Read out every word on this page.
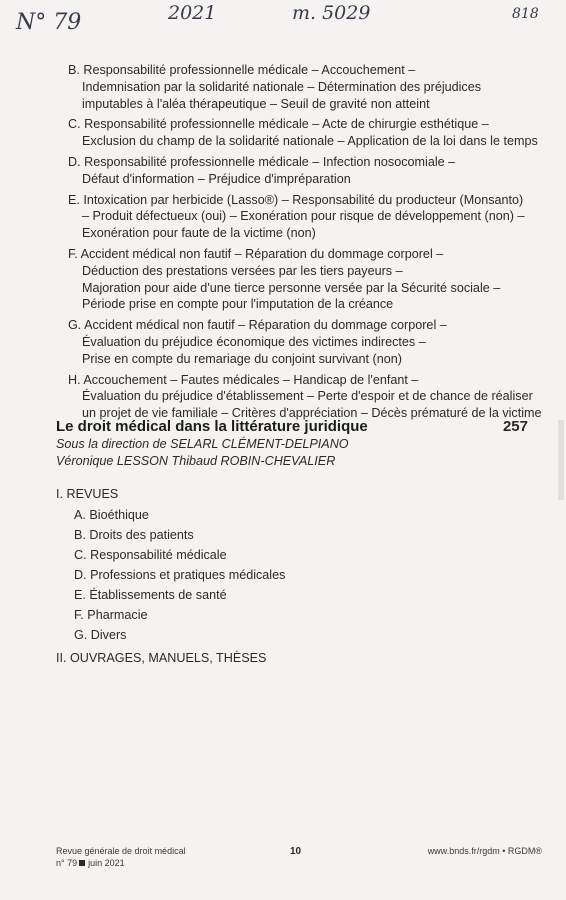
N° 79	2021	m. 5029	818
B. Responsabilité professionnelle médicale – Accouchement –
Indemnisation par la solidarité nationale – Détermination des préjudices
imputables à l'aléa thérapeutique – Seuil de gravité non atteint
C. Responsabilité professionnelle médicale – Acte de chirurgie esthétique –
Exclusion du champ de la solidarité nationale – Application de la loi dans le temps
D. Responsabilité professionnelle médicale – Infection nosocomiale –
Défaut d'information – Préjudice d'impréparation
E. Intoxication par herbicide (Lasso®) – Responsabilité du producteur (Monsanto)
– Produit défectueux (oui) – Exonération pour risque de développement (non) –
Exonération pour faute de la victime (non)
F. Accident médical non fautif – Réparation du dommage corporel –
Déduction des prestations versées par les tiers payeurs –
Majoration pour aide d'une tierce personne versée par la Sécurité sociale –
Période prise en compte pour l'imputation de la créance
G. Accident médical non fautif – Réparation du dommage corporel –
Évaluation du préjudice économique des victimes indirectes –
Prise en compte du remariage du conjoint survivant (non)
H. Accouchement – Fautes médicales – Handicap de l'enfant –
Évaluation du préjudice d'établissement – Perte d'espoir et de chance de réaliser
un projet de vie familiale – Critères d'appréciation – Décès prématuré de la victime
Le droit médical dans la littérature juridique	257
Sous la direction de SELARL CLÉMENT-DELPIANO
Véronique LESSON Thibaud ROBIN-CHEVALIER
I. REVUES
A. Bioéthique
B. Droits des patients
C. Responsabilité médicale
D. Professions et pratiques médicales
E. Établissements de santé
F. Pharmacie
G. Divers
II. OUVRAGES, MANUELS, THÈSES
Revue générale de droit médical
n° 79 juin 2021
10	www.bnds.fr/rgdm • RGDM®
